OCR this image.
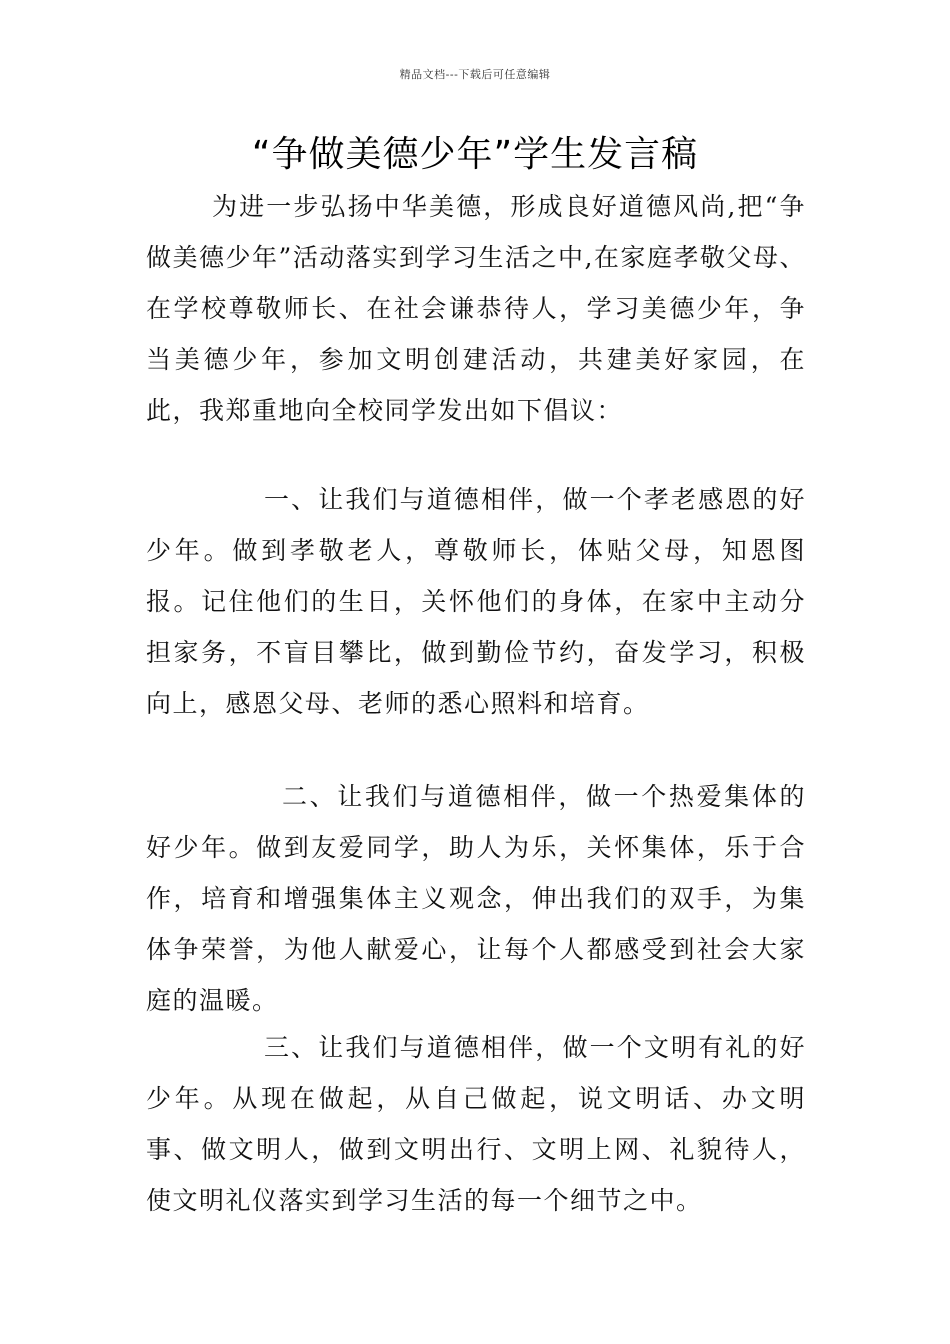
精品文档---下载后可任意编辑
“争做美德少年”学生发言稿

为进一步弘扬中华美德，形成良好道德风尚,把“争做美德少年”活动落实到学习生活之中,在家庭孝敬父母、在学校尊敬师长、在社会谦恭待人，学习美德少年，争当美德少年，参加文明创建活动，共建美好家园，在此，我郑重地向全校同学发出如下倡议：

一、让我们与道德相伴，做一个孝老感恩的好少年。做到孝敬老人，尊敬师长，体贴父母，知恩图报。记住他们的生日，关怀他们的身体，在家中主动分担家务，不盲目攀比，做到勤俭节约，奋发学习，积极向上，感恩父母、老师的悉心照料和培育。

二、让我们与道德相伴，做一个热爱集体的好少年。做到友爱同学，助人为乐，关怀集体，乐于合作，培育和增强集体主义观念，伸出我们的双手，为集体争荣誉，为他人献爱心，让每个人都感受到社会大家庭的温暖。

三、让我们与道德相伴，做一个文明有礼的好少年。从现在做起，从自己做起，说文明话、办文明事、做文明人，做到文明出行、文明上网、礼貌待人，使文明礼仪落实到学习生活的每一个细节之中。
